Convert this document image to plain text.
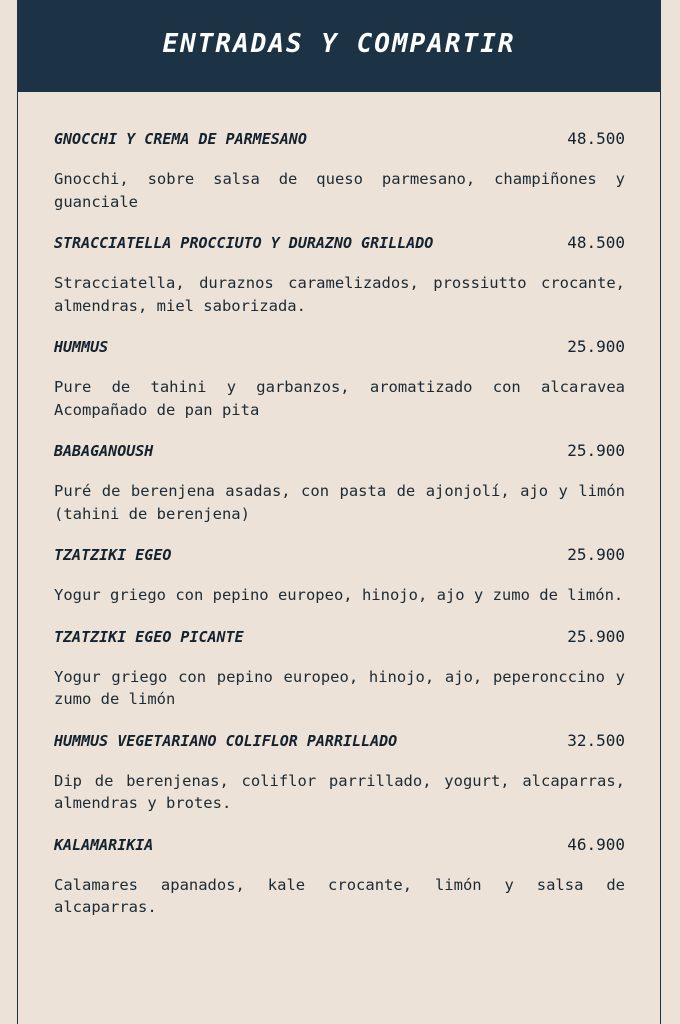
ENTRADAS Y COMPARTIR
GNOCCHI Y CREMA DE PARMESANO	48.500
Gnocchi, sobre salsa de queso parmesano, champiñones y guanciale
STRACCIATELLA PROCCIUTO Y DURAZNO GRILLADO	48.500
Stracciatella, duraznos caramelizados, prossiutto crocante, almendras, miel saborizada.
HUMMUS	25.900
Pure de tahini y garbanzos, aromatizado con alcaravea Acompañado de pan pita
BABAGANOUSH	25.900
Puré de berenjena asadas, con pasta de ajonjolí, ajo y limón (tahini de berenjena)
TZATZIKI EGEO	25.900
Yogur griego con pepino europeo, hinojo, ajo y zumo de limón.
TZATZIKI EGEO PICANTE	25.900
Yogur griego con pepino europeo, hinojo, ajo, peperonccino y zumo de limón
HUMMUS VEGETARIANO COLIFLOR PARRILLADO	32.500
Dip de berenjenas, coliflor parrillado, yogurt, alcaparras, almendras y brotes.
KALAMARIKIA	46.900
Calamares apanados, kale crocante, limón y salsa de alcaparras.
